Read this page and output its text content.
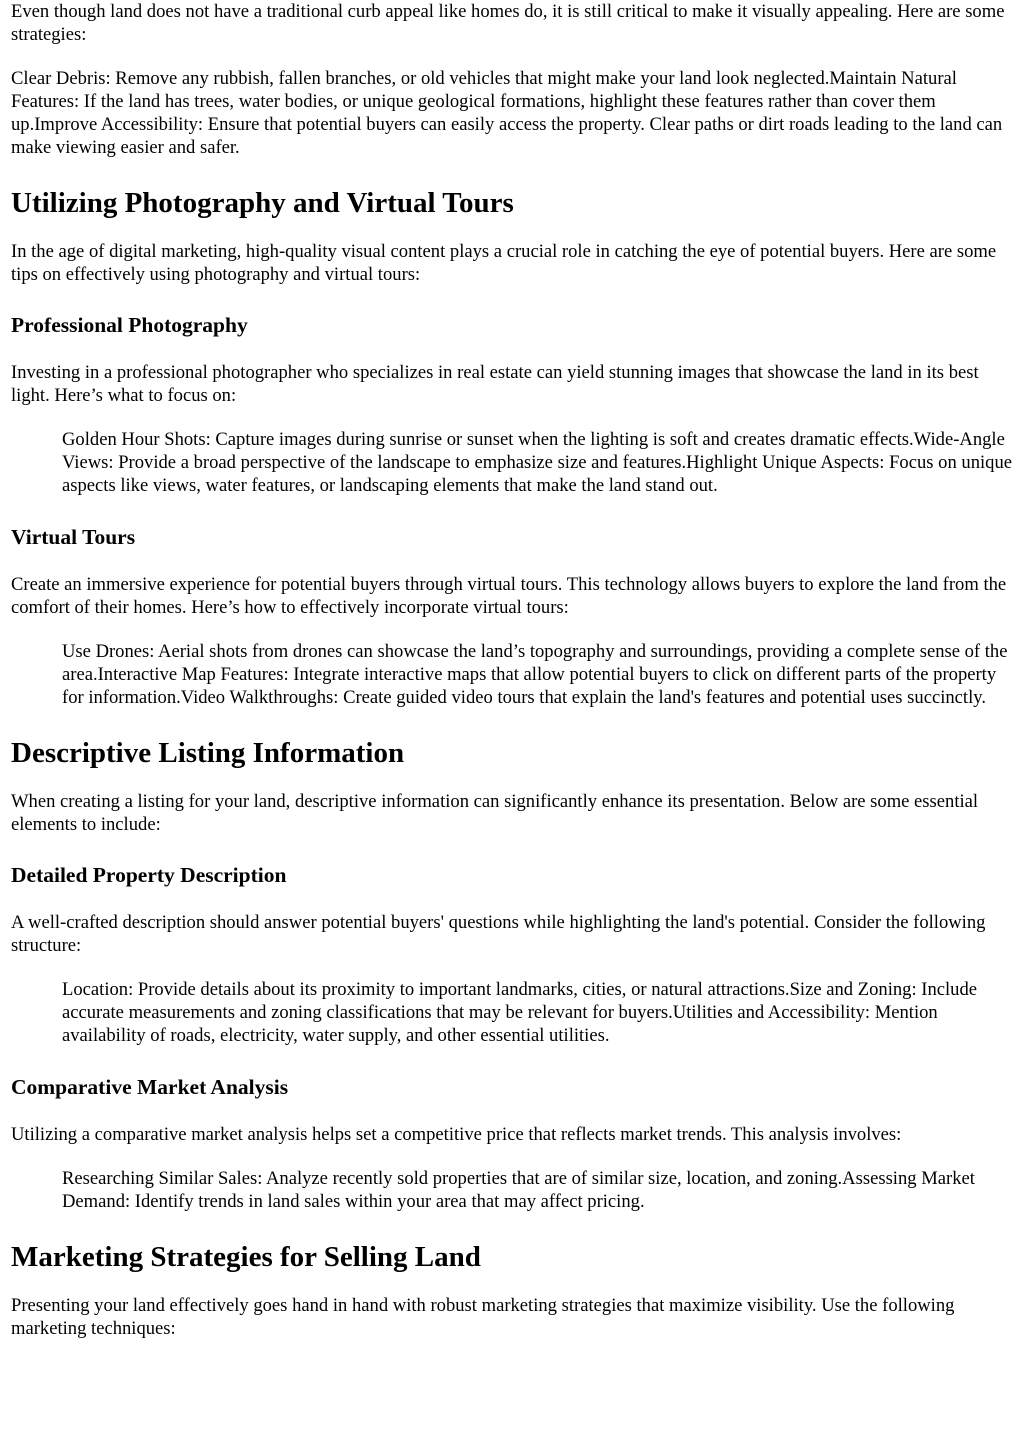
Even though land does not have a traditional curb appeal like homes do, it is still critical to make it visually appealing. Here are some strategies:

Clear Debris: Remove any rubbish, fallen branches, or old vehicles that might make your land look neglected.Maintain Natural Features: If the land has trees, water bodies, or unique geological formations, highlight these features rather than cover them up.Improve Accessibility: Ensure that potential buyers can easily access the property. Clear paths or dirt roads leading to the land can make viewing easier and safer.

Utilizing Photography and Virtual Tours

In the age of digital marketing, high-quality visual content plays a crucial role in catching the eye of potential buyers. Here are some tips on effectively using photography and virtual tours:

Professional Photography

Investing in a professional photographer who specializes in real estate can yield stunning images that showcase the land in its best light. Here’s what to focus on:

Golden Hour Shots: Capture images during sunrise or sunset when the lighting is soft and creates dramatic effects.Wide-Angle Views: Provide a broad perspective of the landscape to emphasize size and features.Highlight Unique Aspects: Focus on unique aspects like views, water features, or landscaping elements that make the land stand out.
Virtual Tours

Create an immersive experience for potential buyers through virtual tours. This technology allows buyers to explore the land from the comfort of their homes. Here’s how to effectively incorporate virtual tours:

Use Drones: Aerial shots from drones can showcase the land’s topography and surroundings, providing a complete sense of the area.Interactive Map Features: Integrate interactive maps that allow potential buyers to click on different parts of the property for information.Video Walkthroughs: Create guided video tours that explain the land's features and potential uses succinctly.
Descriptive Listing Information

When creating a listing for your land, descriptive information can significantly enhance its presentation. Below are some essential elements to include:

Detailed Property Description

A well-crafted description should answer potential buyers' questions while highlighting the land's potential. Consider the following structure:

Location: Provide details about its proximity to important landmarks, cities, or natural attractions.Size and Zoning: Include accurate measurements and zoning classifications that may be relevant for buyers.Utilities and Accessibility: Mention availability of roads, electricity, water supply, and other essential utilities.
Comparative Market Analysis

Utilizing a comparative market analysis helps set a competitive price that reflects market trends. This analysis involves:

Researching Similar Sales: Analyze recently sold properties that are of similar size, location, and zoning.Assessing Market Demand: Identify trends in land sales within your area that may affect pricing.
Marketing Strategies for Selling Land

Presenting your land effectively goes hand in hand with robust marketing strategies that maximize visibility. Use the following marketing techniques:
